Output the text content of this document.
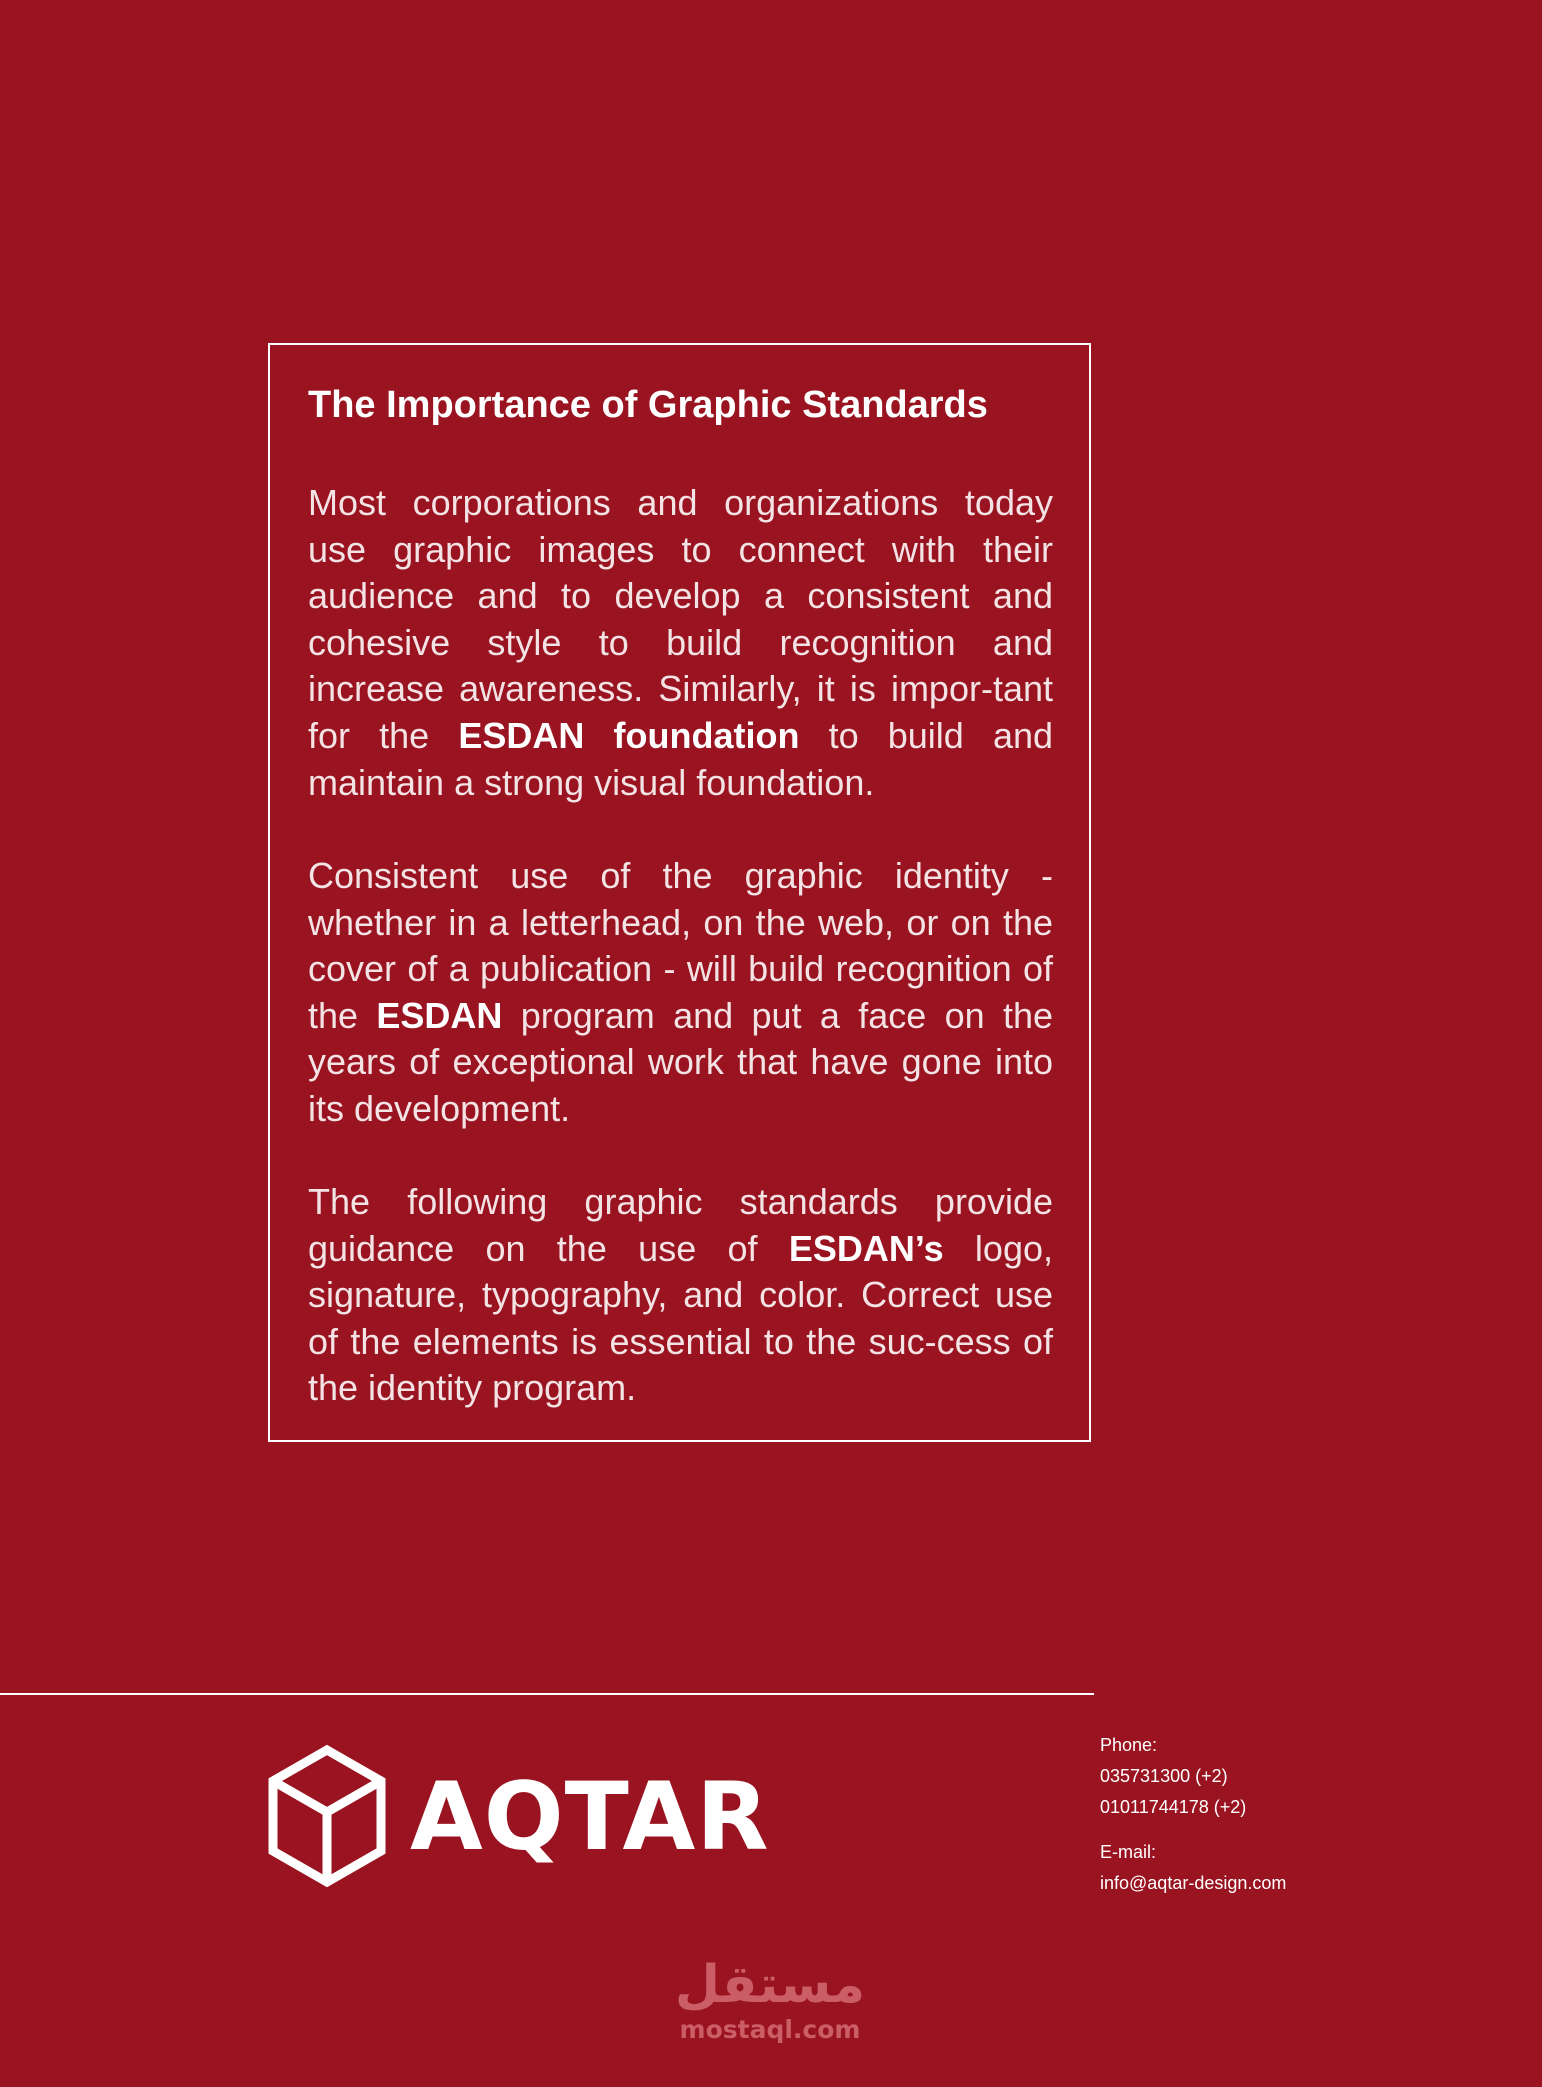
The Importance of Graphic Standards

Most corporations and organizations today use graphic images to connect with their audience and to develop a consistent and cohesive style to build recognition and increase awareness. Similarly, it is impor-tant for the ESDAN foundation to build and maintain a strong visual foundation.

Consistent use of the graphic identity - whether in a letterhead, on the web, or on the cover of a publication - will build recognition of the ESDAN program and put a face on the years of exceptional work that have gone into its development.

The following graphic standards provide guidance on the use of ESDAN’s logo, signature, typography, and color. Correct use of the elements is essential to the suc-cess of the identity program.

AQTAR
Phone:
035731300 (+2)
01011744178 (+2)
E-mail:
info@aqtar-design.com
مستقل
mostaql.com
